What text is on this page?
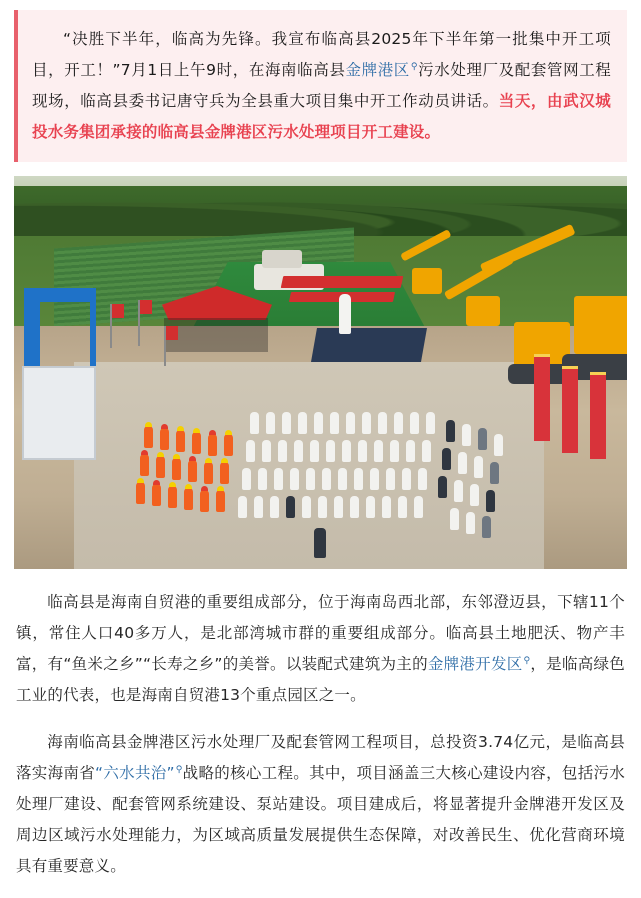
“决胜下半年，临高为先锋。我宣布临高县2025年下半年第一批集中开工项目，开工！”7月1日上午9时，在海南临高县金牌港区⚲污水处理厂及配套管网工程现场，临高县委书记唐守兵为全县重大项目集中开工作动员讲话。当天，由武汉城投水务集团承接的临高县金牌港区污水处理项目开工建设。
临高县是海南自贸港的重要组成部分，位于海南岛西北部，东邻澄迈县，下辖11个镇，常住人口40多万人，是北部湾城市群的重要组成部分。临高县土地肥沃、物产丰富，有“鱼米之乡”“长寿之乡”的美誉。以装配式建筑为主的金牌港开发区⚲，是临高绿色工业的代表，也是海南自贸港13个重点园区之一。
海南临高县金牌港区污水处理厂及配套管网工程项目，总投资3.74亿元，是临高县落实海南省“六水共治”⚲战略的核心工程。其中，项目涵盖三大核心建设内容，包括污水处理厂建设、配套管网系统建设、泵站建设。项目建成后，将显著提升金牌港开发区及周边区域污水处理能力，为区域高质量发展提供生态保障，对改善民生、优化营商环境具有重要意义。
